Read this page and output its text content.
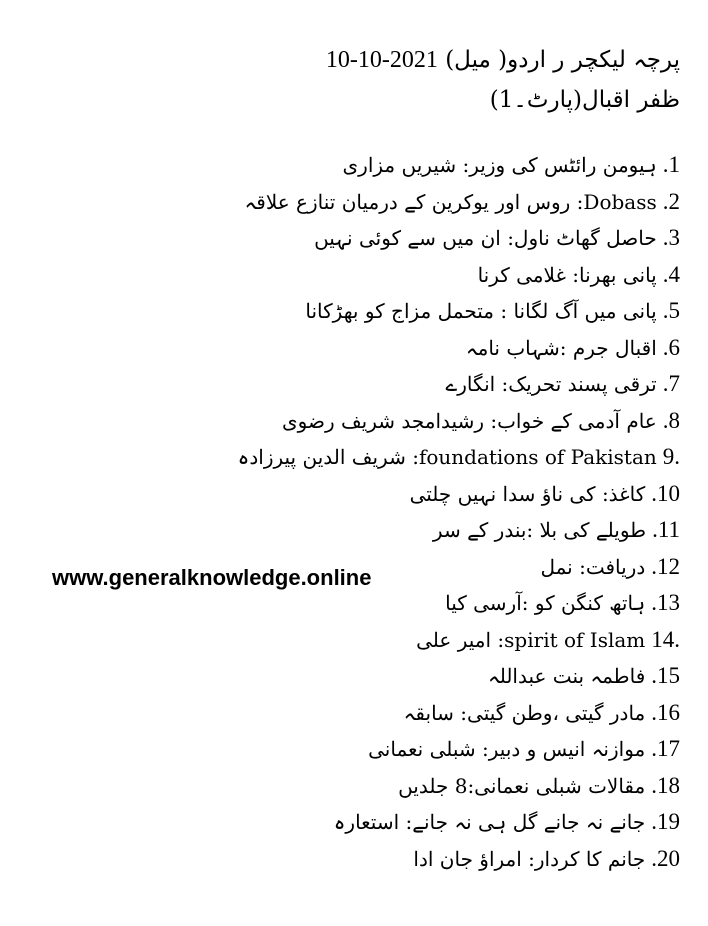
پرچہ لیکچر ر اردو( میل) 10-10-2021
ظفر اقبال(پارٹ۔1)
1.ہیومن رائٹس کی وزیر: شیریں مزاری
2.Dobass: روس اور یوکرین کے درمیان تنازع علاقہ
3.حاصل گھاٹ ناول: ان میں سے کوئی نہیں
4.پانی بھرنا: غلامی کرنا
5.پانی میں آگ لگانا : متحمل مزاج کو بھڑکانا
6.اقبال جرم :شہاب نامہ
7.ترقی پسند تحریک: انگارے
8.عام آدمی کے خواب: رشیدامجد شریف رضوی
.9foundations of Pakistan: شریف الدین پیرزادہ
10.کاغذ: کی ناؤ سدا نہیں چلتی
11.طویلے کی بلا :بندر کے سر
12.دریافت: نمل
13.ہاتھ کنگن کو :آرسی کیا
.14spirit of Islam: امیر علی
15.فاطمہ بنت عبداللہ
16.مادر گیتی ،وطن گیتی: سابقہ
17.موازنہ انیس و دبیر: شبلی نعمانی
18.مقالات شبلی نعمانی:8 جلدیں
19.جانے نہ جانے گل ہی نہ جانے: استعارہ
20.جانم کا کردار: امراؤ جان ادا
www.generalknowledge.online
